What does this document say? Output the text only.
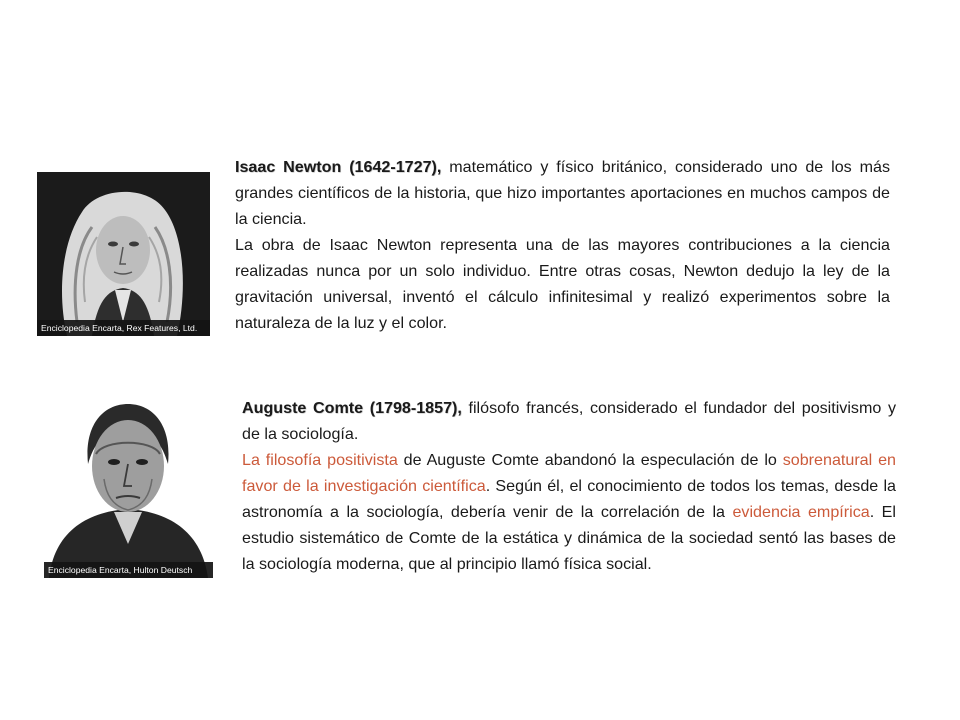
Enciclopedia Encarta, Rex Features, Ltd.

Isaac Newton (1642-1727), matemático y físico británico, considerado uno de los más grandes científicos de la historia, que hizo importantes aportaciones en muchos campos de la ciencia.

La obra de Isaac Newton representa una de las mayores contribuciones a la ciencia realizadas nunca por un solo individuo. Entre otras cosas, Newton dedujo la ley de la gravitación universal, inventó el cálculo infinitesimal y realizó experimentos sobre la naturaleza de la luz y el color.

Enciclopedia Encarta, Hulton Deutsch

Auguste Comte (1798-1857), filósofo francés, considerado el fundador del positivismo y de la sociología.

La filosofía positivista de Auguste Comte abandonó la especulación de lo sobrenatural en favor de la investigación científica. Según él, el conocimiento de todos los temas, desde la astronomía a la sociología, debería venir de la correlación de la evidencia empírica. El estudio sistemático de Comte de la estática y dinámica de la sociedad sentó las bases de la sociología moderna, que al principio llamó física social.
